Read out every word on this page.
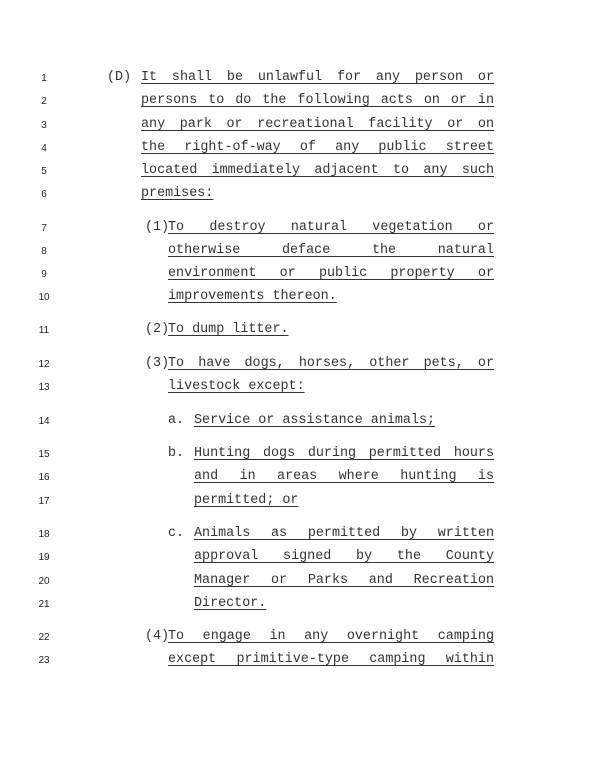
1
2
3
4
5
6
7
8
9
10
11
12
13
14
15
16
17
18
19
20
21
22
23
(D) It shall be unlawful for any person or
persons to do the following acts on or in
any park or recreational facility or on
the right-of-way of any public street
located immediately adjacent to any such
premises:
(1)
To destroy natural vegetation or
otherwise deface the natural
environment or public property or
improvements thereon.
(2)
To dump litter.
(3)
To have dogs, horses, other pets, or
livestock except:
a. Service or assistance animals;
b. Hunting dogs during permitted hours
and in areas where hunting is
permitted; or
c. Animals as permitted by written
approval signed by the County
Manager or Parks and Recreation
Director.
(4)
To engage in any overnight camping
except primitive-type camping within
